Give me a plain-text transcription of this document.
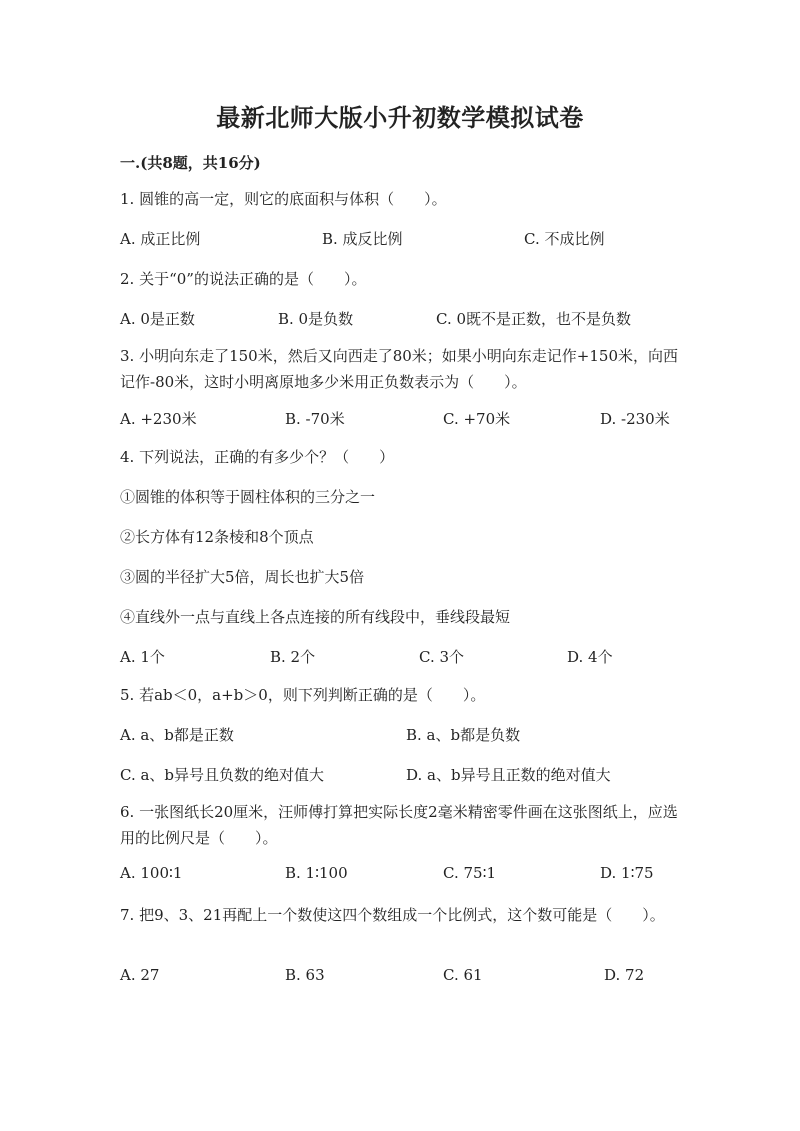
最新北师大版小升初数学模拟试卷
一.(共8题，共16分)
1. 圆锥的高一定，则它的底面积与体积（　　）。
A. 成正比例	B. 成反比例	C. 不成比例
2. 关于“0”的说法正确的是（　　）。
A. 0是正数	B. 0是负数	C. 0既不是正数，也不是负数
3. 小明向东走了150米，然后又向西走了80米；如果小明向东走记作+150米，向西记作-80米，这时小明离原地多少米用正负数表示为（　　）。
A. +230米	B. -70米	C. +70米	D. -230米
4. 下列说法，正确的有多少个？（　　）
①圆锥的体积等于圆柱体积的三分之一
②长方体有12条棱和8个顶点
③圆的半径扩大5倍，周长也扩大5倍
④直线外一点与直线上各点连接的所有线段中，垂线段最短
A. 1个	B. 2个	C. 3个	D. 4个
5. 若ab＜0，a+b＞0，则下列判断正确的是（　　）。
A. a、b都是正数	B. a、b都是负数
C. a、b异号且负数的绝对值大	D. a、b异号且正数的绝对值大
6. 一张图纸长20厘米，汪师傅打算把实际长度2毫米精密零件画在这张图纸上，应选用的比例尺是（　　）。
A. 100∶1	B. 1∶100	C. 75∶1	D. 1∶75
7. 把9、3、21再配上一个数使这四个数组成一个比例式，这个数可能是（　　）。
A. 27	B. 63	C. 61	D. 72
